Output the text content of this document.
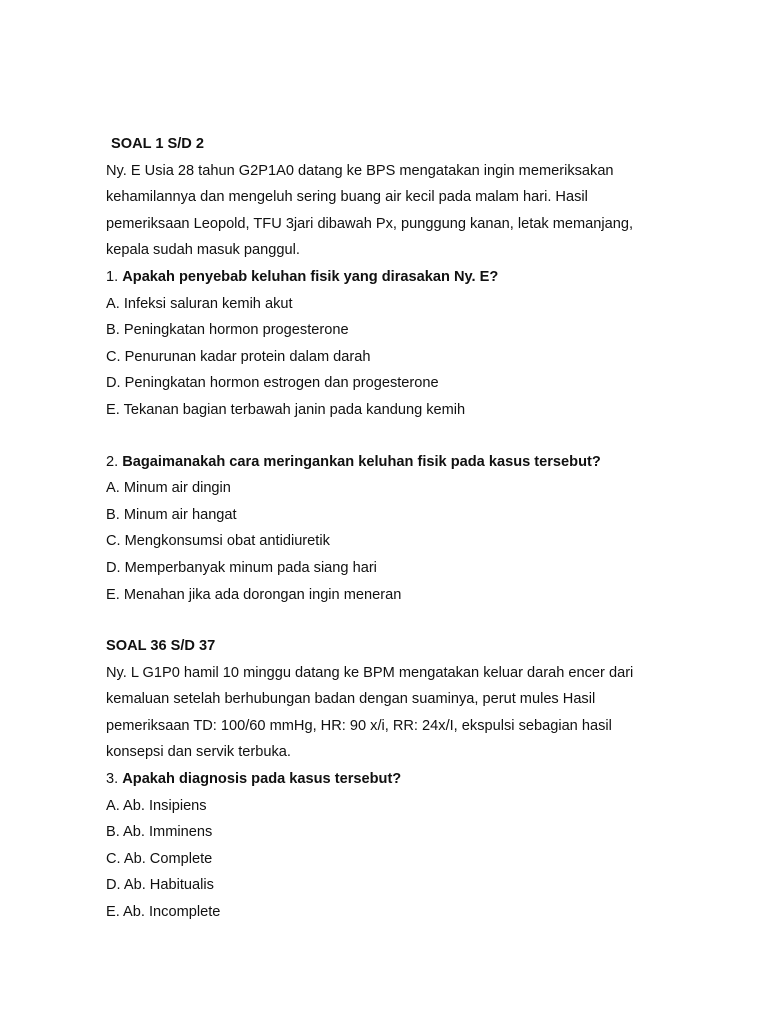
SOAL 1 S/D 2
Ny. E Usia 28 tahun G2P1A0 datang ke BPS mengatakan ingin memeriksakan
kehamilannya dan mengeluh sering buang air kecil pada malam hari. Hasil
pemeriksaan Leopold, TFU 3jari dibawah Px, punggung kanan, letak memanjang,
kepala sudah masuk panggul.
1. Apakah penyebab keluhan fisik yang dirasakan Ny. E?
A. Infeksi saluran kemih akut
B. Peningkatan hormon progesterone
C. Penurunan kadar protein dalam darah
D. Peningkatan hormon estrogen dan progesterone
E. Tekanan bagian terbawah janin pada kandung kemih
2. Bagaimanakah cara meringankan keluhan fisik pada kasus tersebut?
A. Minum air dingin
B. Minum air hangat
C. Mengkonsumsi obat antidiuretik
D. Memperbanyak minum pada siang hari
E. Menahan jika ada dorongan ingin meneran
SOAL 36 S/D 37
Ny. L G1P0 hamil 10 minggu datang ke BPM mengatakan keluar darah encer dari
kemaluan setelah berhubungan badan dengan suaminya, perut mules Hasil
pemeriksaan TD: 100/60 mmHg, HR: 90 x/i, RR: 24x/I, ekspulsi sebagian hasil
konsepsi dan servik terbuka.
3. Apakah diagnosis pada kasus tersebut?
A. Ab. Insipiens
B. Ab. Imminens
C. Ab. Complete
D. Ab. Habitualis
E. Ab. Incomplete
